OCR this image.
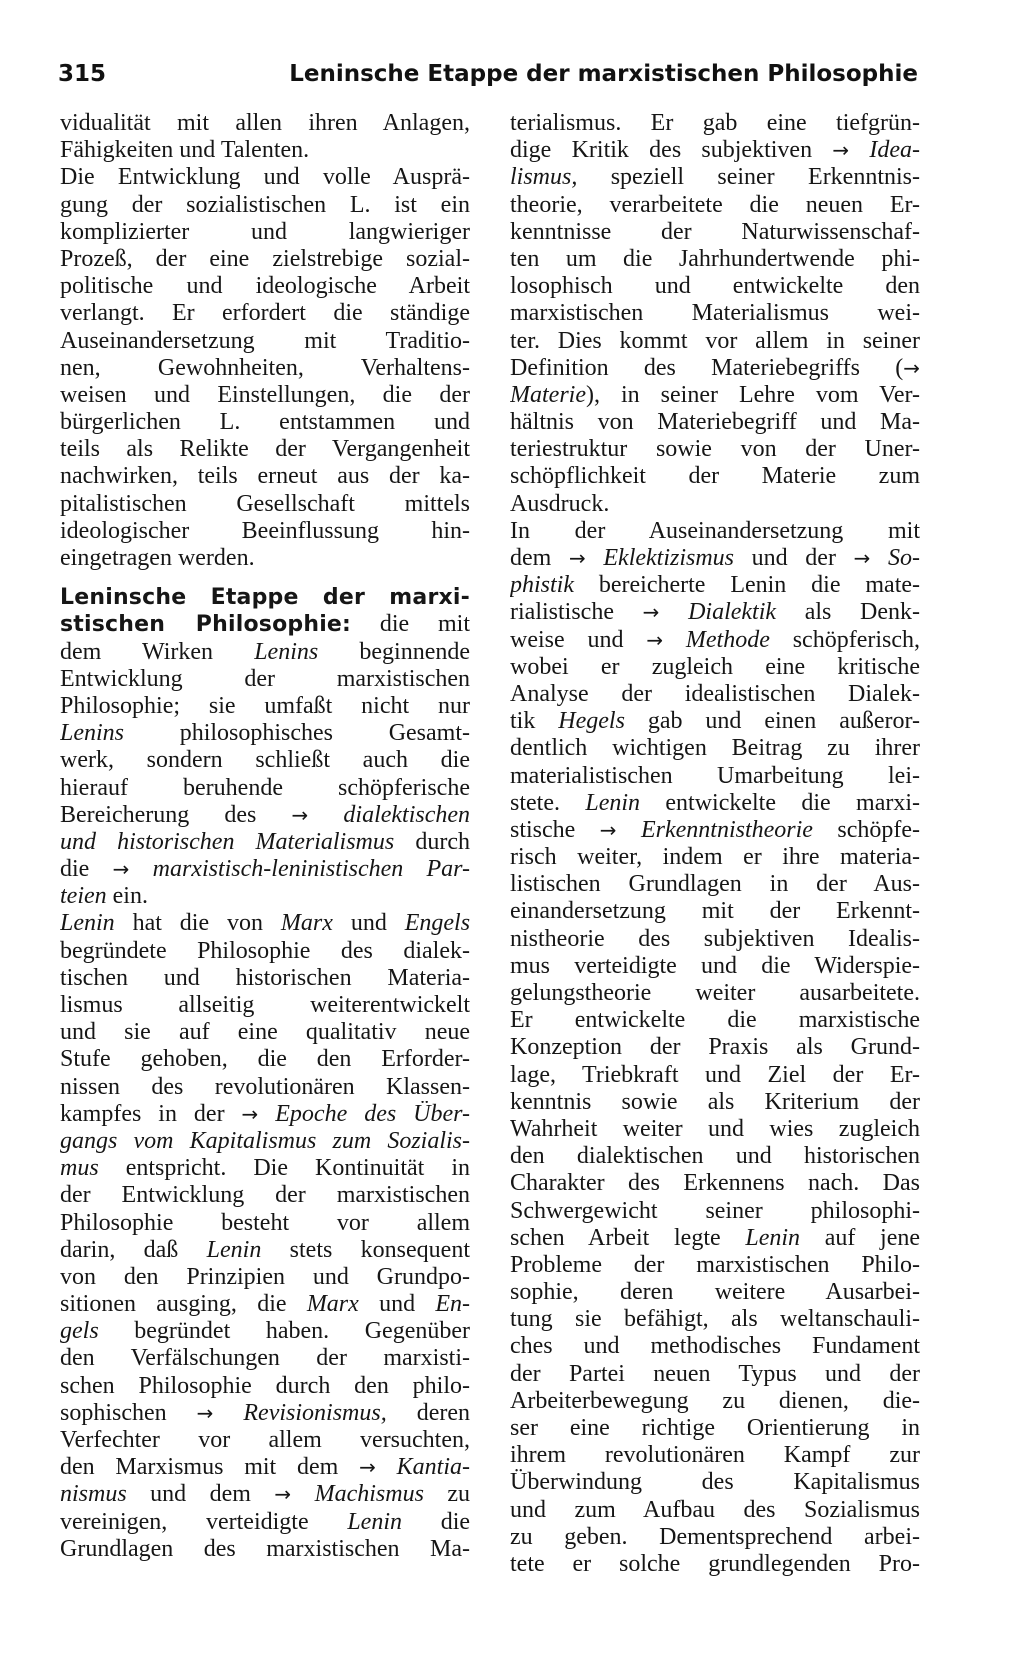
315	Leninsche Etappe der marxistischen Philosophie
vidualität mit allen ihren Anlagen,
Fähigkeiten und Talenten.
Die Entwicklung und volle Ausprä-
gung der sozialistischen L. ist ein
komplizierter und langwieriger
Prozeß, der eine zielstrebige sozial-
politische und ideologische Arbeit
verlangt. Er erfordert die ständige
Auseinandersetzung mit Traditio-
nen, Gewohnheiten, Verhaltens-
weisen und Einstellungen, die der
bürgerlichen L. entstammen und
teils als Relikte der Vergangenheit
nachwirken, teils erneut aus der ka-
pitalistischen Gesellschaft mittels
ideologischer Beeinflussung hin-
eingetragen werden.
Leninsche Etappe der marxi-
stischen Philosophie: die mit
dem Wirken Lenins beginnende
Entwicklung der marxistischen
Philosophie; sie umfaßt nicht nur
Lenins philosophisches Gesamt-
werk, sondern schließt auch die
hierauf beruhende schöpferische
Bereicherung des → dialektischen
und historischen Materialismus durch
die → marxistisch-leninistischen Par-
teien ein.
Lenin hat die von Marx und Engels
begründete Philosophie des dialek-
tischen und historischen Materia-
lismus allseitig weiterentwickelt
und sie auf eine qualitativ neue
Stufe gehoben, die den Erforder-
nissen des revolutionären Klassen-
kampfes in der → Epoche des Über-
gangs vom Kapitalismus zum Sozialis-
mus entspricht. Die Kontinuität in
der Entwicklung der marxistischen
Philosophie besteht vor allem
darin, daß Lenin stets konsequent
von den Prinzipien und Grundpo-
sitionen ausging, die Marx und En-
gels begründet haben. Gegenüber
den Verfälschungen der marxisti-
schen Philosophie durch den philo-
sophischen → Revisionismus, deren
Verfechter vor allem versuchten,
den Marxismus mit dem → Kantia-
nismus und dem → Machismus zu
vereinigen, verteidigte Lenin die
Grundlagen des marxistischen Ma-
terialismus. Er gab eine tiefgrün-
dige Kritik des subjektiven → Idea-
lismus, speziell seiner Erkenntnis-
theorie, verarbeitete die neuen Er-
kenntnisse der Naturwissenschaf-
ten um die Jahrhundertwende phi-
losophisch und entwickelte den
marxistischen Materialismus wei-
ter. Dies kommt vor allem in seiner
Definition des Materiebegriffs (→
Materie), in seiner Lehre vom Ver-
hältnis von Materiebegriff und Ma-
teriestruktur sowie von der Uner-
schöpflichkeit der Materie zum
Ausdruck.
In der Auseinandersetzung mit
dem → Eklektizismus und der → So-
phistik bereicherte Lenin die mate-
rialistische → Dialektik als Denk-
weise und → Methode schöpferisch,
wobei er zugleich eine kritische
Analyse der idealistischen Dialek-
tik Hegels gab und einen außeror-
dentlich wichtigen Beitrag zu ihrer
materialistischen Umarbeitung lei-
stete. Lenin entwickelte die marxi-
stische → Erkenntnistheorie schöpfe-
risch weiter, indem er ihre materia-
listischen Grundlagen in der Aus-
einandersetzung mit der Erkennt-
nistheorie des subjektiven Idealis-
mus verteidigte und die Widerspie-
gelungstheorie weiter ausarbeitete.
Er entwickelte die marxistische
Konzeption der Praxis als Grund-
lage, Triebkraft und Ziel der Er-
kenntnis sowie als Kriterium der
Wahrheit weiter und wies zugleich
den dialektischen und historischen
Charakter des Erkennens nach. Das
Schwergewicht seiner philosophi-
schen Arbeit legte Lenin auf jene
Probleme der marxistischen Philo-
sophie, deren weitere Ausarbei-
tung sie befähigt, als weltanschauli-
ches und methodisches Fundament
der Partei neuen Typus und der
Arbeiterbewegung zu dienen, die-
ser eine richtige Orientierung in
ihrem revolutionären Kampf zur
Überwindung des Kapitalismus
und zum Aufbau des Sozialismus
zu geben. Dementsprechend arbei-
tete er solche grundlegenden Pro-
